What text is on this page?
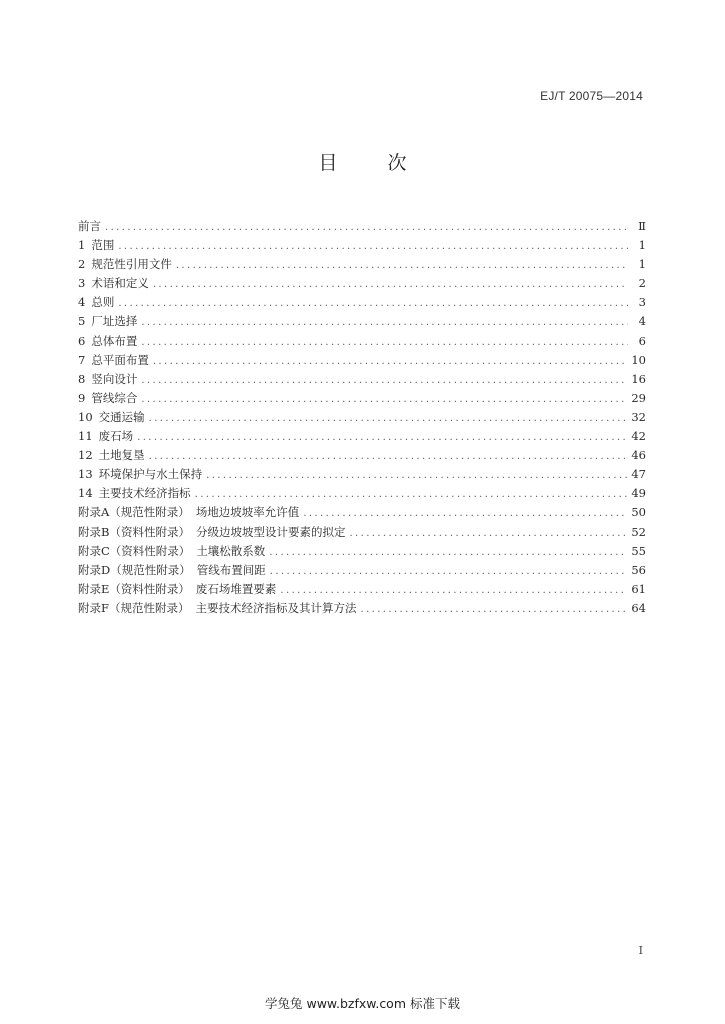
EJ/T 20075—2014
目 次
前言 .....	Ⅱ
1 范围 .....	1
2 规范性引用文件 .....	1
3 术语和定义 .....	2
4 总则 .....	3
5 厂址选择 .....	4
6 总体布置 .....	6
7 总平面布置 .....	10
8 竖向设计 .....	16
9 管线综合 .....	29
10 交通运输 .....	32
11 废石场 .....	42
12 土地复垦 .....	46
13 环境保护与水土保持 .....	47
14 主要技术经济指标 .....	49
附录A（规范性附录） 场地边坡坡率允许值 .....	50
附录B（资料性附录） 分级边坡坡型设计要素的拟定 .....	52
附录C（资料性附录） 土壤松散系数 .....	55
附录D（规范性附录） 管线布置间距 .....	56
附录E（资料性附录） 废石场堆置要素 .....	61
附录F（规范性附录） 主要技术经济指标及其计算方法 .....	64
I
学兔兔 www.bzfxw.com 标准下载
